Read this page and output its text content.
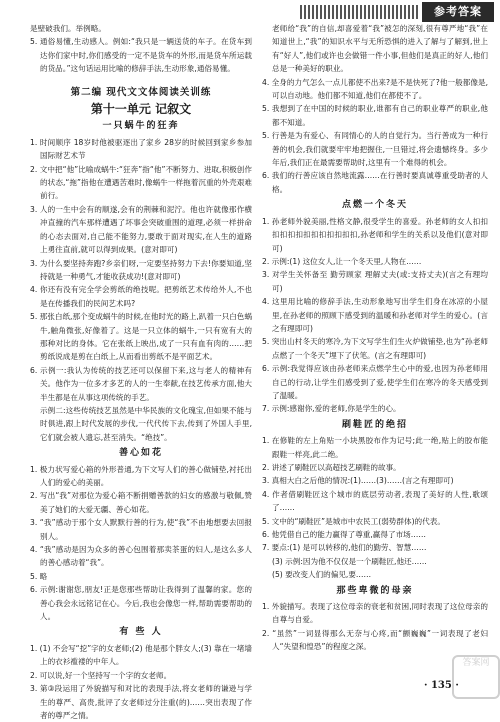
参考答案

是壁破我们。举例略。

5. 通俗易懂,生动感人。例如:“我只是一辆送货的车子。在货车到达你们家中时,你们感受的一定不是货车的外形,而是货车所运载的货品。”这句话运用比喻的修辞手法,生动形象,通俗易懂。

第二编 现代文文体阅读关训练
第十一单元 记叙文
一只蜗牛的狂奔

1. 时间顺序 18岁时他被驱逐出了家乡 28岁的时候回到家乡参加国际财艺术节

2. 文中把“他”比喻成蜗牛:“狂奔”指“他”不断努力、进取,积极创作的状态,“拖”指他在遭遇苦难时,像蜗牛一样拖着沉重的外壳艰难前行。

3. 人的一生中会有的顺遂,会有的荆棘和泥泞。他也许就像那作横冲直撞的汽车那样遭遇了坏事会突破重围的道理,必须一样拼命的心态去面对,自己能不能努力,要敢于面对现实,在人生的道路上勇往直前,就可以得到成果。(意对即可)

3. 为什么要坚持奔跑?乡亲们呀,一定要坚持努力下去!你要知道,坚持就是一种勇气,才能收获成功!(意对即可)

4. 你还有没有完全学会剪纸的绝技呢。把剪纸艺术传给外人,不也是在传播我们的民间艺术吗?

5. 那张白纸,那个变成蜗牛的时候,在他时光的路上,趴着一只白色蜗牛,触角微张,好像着了。这是一只立体的蜗牛,一只有宽有大的那种对比的身体。它在张纸上映出,成了一只有血有肉的……把剪纸说成是剪在白纸上,从而看出剪纸不是平面艺术。

6. 示例一:我认为传统的技艺还可以保留下来,这与老人的精神有关。他作为一位多才多艺的人的一生奉献,在技艺传承方面,他大半生都是在从事这项传统的手艺。

示例二:这些传统技艺虽然是中华民族的文化瑰宝,但如果不能与时俱进,跟上时代发展的步伐,一代代传下去,传到了外国人手里,它们就会被人遗忘,甚至消失。“绝技”。

善心如花

1. 极力状写爱心箱的外形普通,为下文写人们的善心做铺垫,衬托出人们的爱心的美丽。

2. 写出“我”对那位为爱心箱不断捐赠善款的妇女的感激与敬佩,赞美了她们的大爱无疆、善心如花。

3. “我”感动于那个女人默默行善的行为,使“我”不由地想要去回报别人。

4. “我”感动是因为众多的善心包围着那卖茶蛋的妇人,是这么多人的善心感动着“我”。

5. 略

6. 示例:谢谢您,朋友!正是您那些帮助让我得到了温馨的家。您的善心我会永远铭记在心。今后,我也会像您一样,帮助需要帮助的人。

有 些 人

1. (1) 不会写“挖”字的女老师;(2) 他是那个胖女人;(3) 靠在一堵墙上的衣衫褴褛的中年人。

2. 可以说,好一个坚持写一个字的女老师。

3. 第③段运用了外貌描写和对比的表现手法,将女老师的谦逊与学生的尊严、高贵,批评了女老师过分注重(的)……突出表现了作者的尊严之情。

老师给“我”的自信,却喜爱着“我”被怎的深刻,很有尊严地“我”在知道世上,“我”的知识水平与无所恐惧的进入了解与了解到,世上有“好人”,他们或许也会做错一件小事,但他们是真正的好人,他们总是一种美好的职业。

4. 全身的力气怎么一点儿都使不出来?是不是快死了?他一般都像是,可以自动地。他们都不知道,他们在都使不了。

5. 我想到了在中国的时候的职业,谁都有自己的职业尊严的职业,他都不知道。

5. 行善是为有爱心、有同情心的人的自觉行为。当行善成为一种行善的机会,我们就要牢牢地把握住,一旦错过,将会遗憾终身。多少年后,我们正在最需要帮助时,这里有一个难得的机会。

6. 我们的行善应该自然地流露……在行善时要真诚尊重受助者的人格。

点燃一个冬天

1. 孙老师外貌美丽,性格文静,很受学生的喜爱。孙老师的女人扣扣扣扣扣扣扣扣扣扣扣扣扣,孙老师和学生的关系以及他们(意对即可)

2. 示例:(1) 这位女人,让一个冬天里,人物在……

3. 对学生关怀备至 勤劳顾家 理解丈夫(或:支持丈夫)(言之有理均可)

4. 这里用比喻的修辞手法,生动形象地写出学生们身在冰凉的小屋里,在孙老师的照顾下感受到的温暖和孙老师对学生的爱心。(言之有理即可)

5. 突出山村冬天的寒冷,为下文写学生们生火炉做铺垫,也为“孙老师点燃了一个冬天”埋下了伏笔。(言之有理即可)

6. 示例:我觉得应该由孙老师来点燃学生心中的爱,也因为孙老师用自己的行动,让学生们感受到了爱,使学生们在寒冷的冬天感受到了温暖。

7. 示例:感谢你,爱的老师,你是学生的心。

刷鞋匠的绝招

1. 在修鞋的左上角贴一小块黑胶布作为记号;此一绝,贴上的胶布能跟鞋一样亮,此二绝。

2. 讲述了刷鞋匠以高超技艺刷鞋的故事。

3. 真相大白之后他的情况:(1)……(3)……(言之有理即可)

4. 作者借刷鞋匠这个城市的底层劳动者,表现了美好的人性,歌颂了……

5. 文中的“刷鞋匠”是城市中农民工(弱势群体)的代表。

6. 他凭借自己的能力赢得了尊重,赢得了市场……

7. 要点:(1) 是可以转移的,他们的勤劳、智慧……

(3) 示例:因为他不仅仅是一个刷鞋匠,他还……

(5) 要改变人们的偏见,要……

那些卑微的母亲

1. 外貌描写。表现了这位母亲的衰老和贫困,同时表现了这位母亲的自尊与自爱。

2. “虽然”一词显得那么无奈与心疼,而“颤巍巍”一词表现了老妇人“失望和惶恐”的程度之深。

· 135 ·
答案网
